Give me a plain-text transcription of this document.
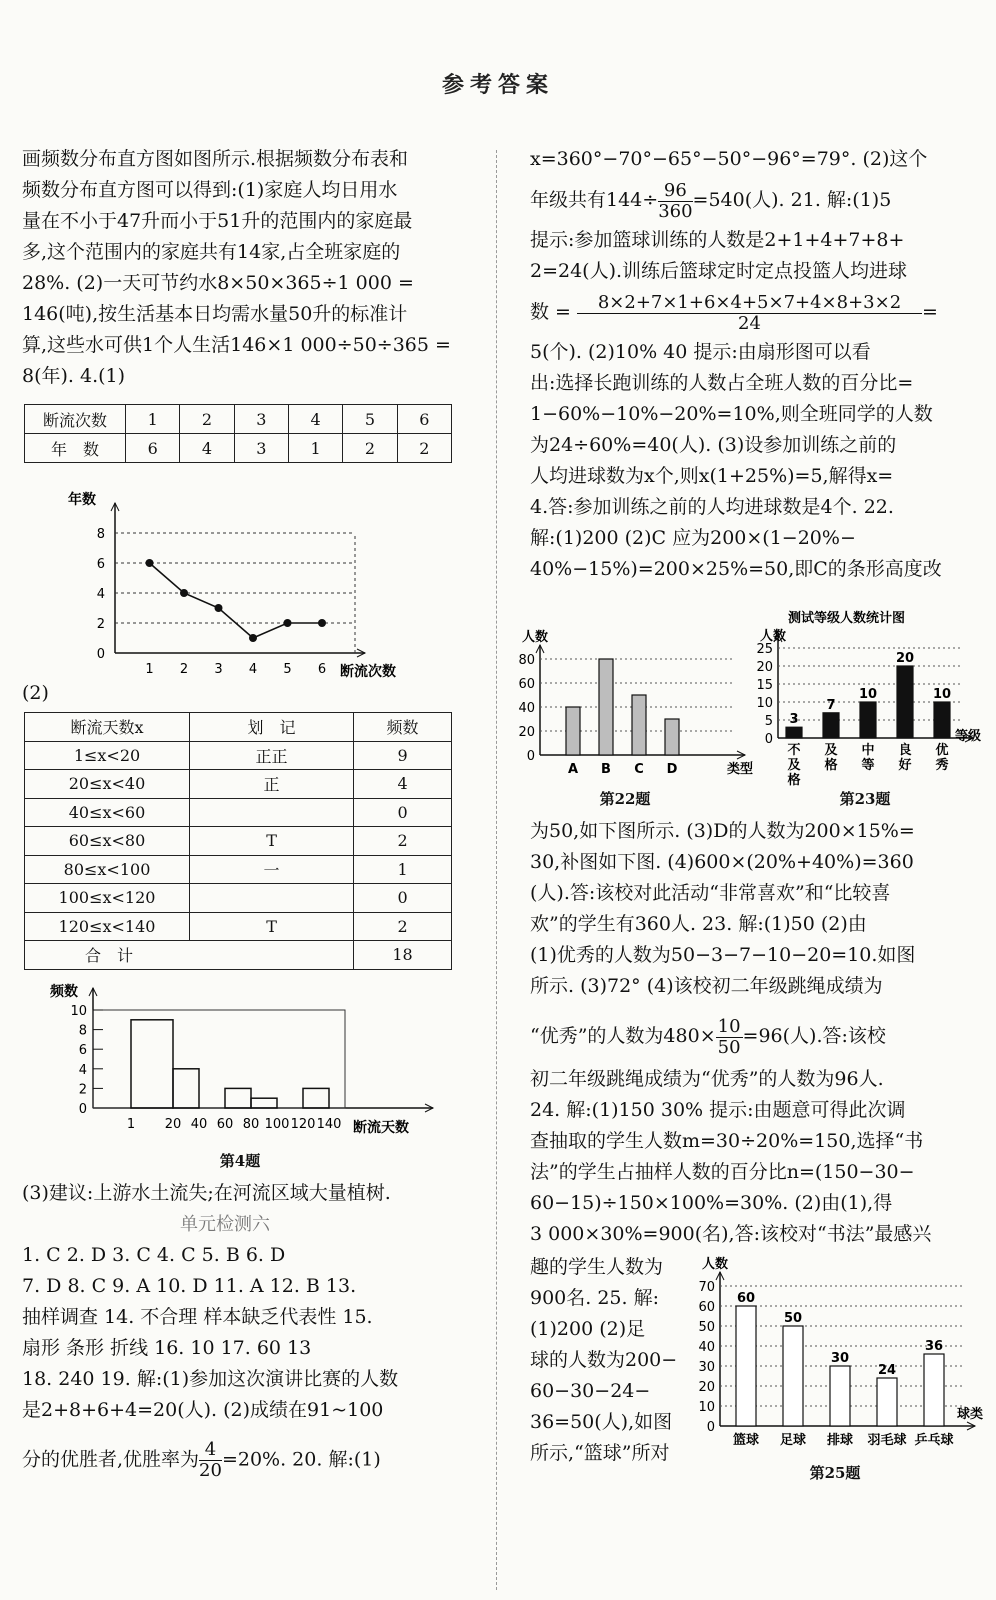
参考答案

画频数分布直方图如图所示.根据频数分布表和

频数分布直方图可以得到:(1)家庭人均日用水

量在不小于47升而小于51升的范围内的家庭最

多,这个范围内的家庭共有14家,占全班家庭的

28%. (2)一天可节约水8×50×365÷1 000 =

146(吨),按生活基本日均需水量50升的标准计

算,这些水可供1个人生活146×1 000÷50÷365 =

8(年). 4.(1)

断流次数	1	2	3	4	5	6
年　数	6	4	3	1	2	2
年数
断流次数
0
2
4
6
8
1 2 3 4 5 6
(2)
断流天数x	划　记	频数
1≤x<20	正正	9
20≤x<40	正	4
40≤x<60		0
60≤x<80	T	2
80≤x<100	一	1
100≤x<120		0
120≤x<140	T	2
合　计		18
频数
断流天数
0
2
4
6
8
10
1 20 40 60 80 100 120 140
第4题
(3)建议:上游水土流失;在河流区域大量植树.
单元检测六

1. C 2. D 3. C 4. C 5. B 6. D

7. D 8. C 9. A 10. D 11. A 12. B 13.

抽样调查 14. 不合理 样本缺乏代表性 15.

扇形 条形 折线 16. 10 17. 60 13

18. 240 19. 解:(1)参加这次演讲比赛的人数

是2+8+6+4=20(人). (2)成绩在91~100

分的优胜者,优胜率为 $\frac{4}{20} =20\%$. 20. 解:(1)

x=360°−70°−65°−50°−96°=79°. (2)这个

年级共有$144\div \frac{96}{360} =540$(人). 21. 解:(1)5

提示:参加篮球训练的人数是2+1+4+7+8+

2=24(人).训练后篮球定时定点投篮人均进球

数 = $\frac{8\times 2+7\times 1+6\times 4+5\times 7+4\times 8+3\times 2}{24}$ =

5(个). (2)10% 40 提示:由扇形图可以看

出:选择长跑训练的人数占全班人数的百分比=

1−60%−10%−20%=10%,则全班同学的人数

为24÷60%=40(人). (3)设参加训练之前的

人均进球数为x个,则x(1+25%)=5,解得x=

4.答:参加训练之前的人均进球数是4个. 22.

解:(1)200 (2)C 应为200×(1−20%−

40%−15%)=200×25%=50,即C的条形高度改

人数
类型
0
20
40
60
80
A B C D
第22题
测试等级人数统计图
人数
等级
0
5
10
15
20
25
3
不
及
格
7
及
格
10
中
等
20
良
好
10
优
秀
第23题

为50,如下图所示. (3)D的人数为200×15%=

30,补图如下图. (4)600×(20%+40%)=360

(人).答:该校对此活动“非常喜欢”和“比较喜

欢”的学生有360人. 23. 解:(1)50 (2)由

(1)优秀的人数为50−3−7−10−20=10.如图

所示. (3)72° (4)该校初二年级跳绳成绩为

“优秀”的人数为$480\times \frac{10}{50} =96$(人).答:该校

初二年级跳绳成绩为“优秀”的人数为96人.

24. 解:(1)150 30% 提示:由题意可得此次调

查抽取的学生人数m=30÷20%=150,选择“书

法”的学生占抽样人数的百分比n=(150−30−

60−15)÷150×100%=30%. (2)由(1),得

3 000×30%=900(名),答:该校对“书法”最感兴

趣的学生人数为

900名. 25. 解:

(1)200 (2)足

球的人数为200−

60−30−24−

36=50(人),如图

所示,“篮球”所对

人数
球类
0
10
20
30
40
50
60
70
60
篮球
50
足球
30
排球
24
羽毛球
36
乒乓球
第25题
